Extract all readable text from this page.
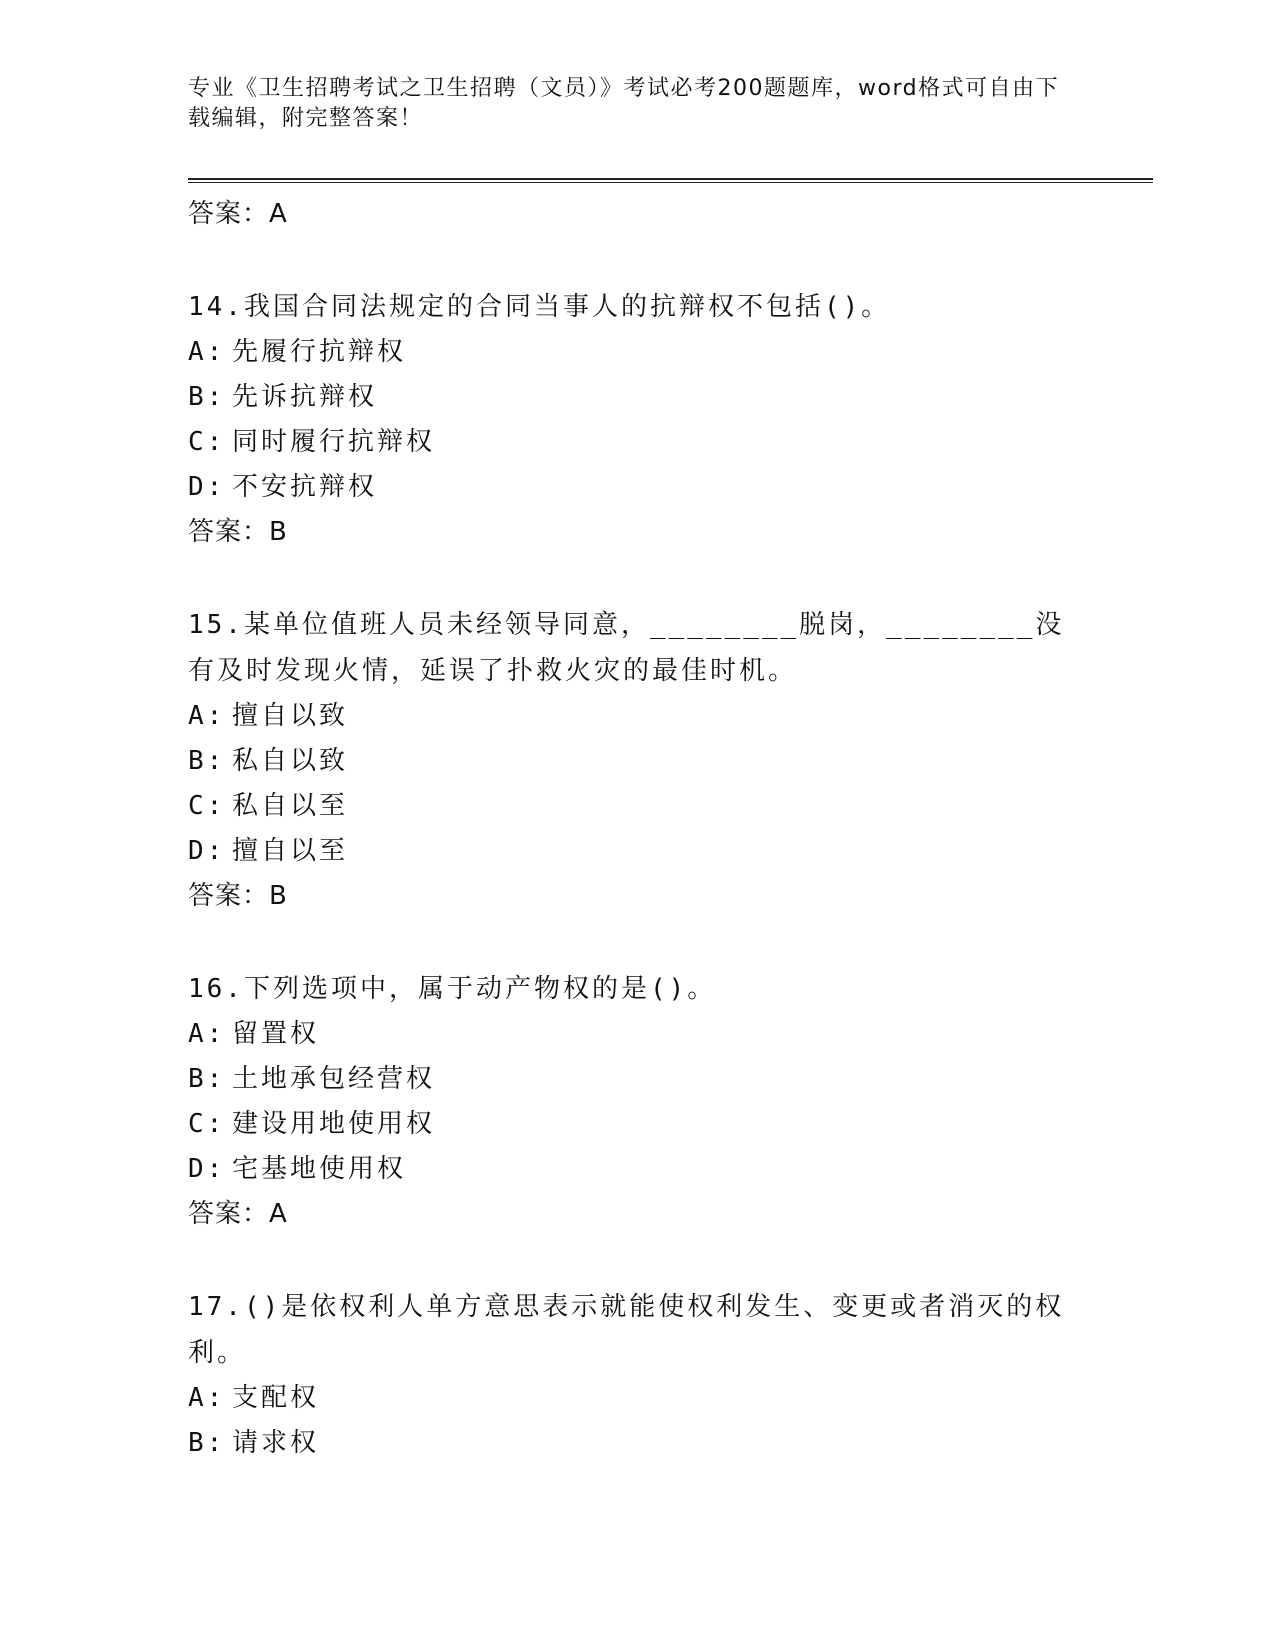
专业《卫生招聘考试之卫生招聘（文员）》考试必考200题题库，word格式可自由下载编辑，附完整答案！
答案：A

14.我国合同法规定的合同当事人的抗辩权不包括()。

A: 先履行抗辩权
B: 先诉抗辩权
C: 同时履行抗辩权
D: 不安抗辩权
答案：B

15.某单位值班人员未经领导同意，________脱岗，________没有及时发现火情，延误了扑救火灾的最佳时机。

A: 擅自以致
B: 私自以致
C: 私自以至
D: 擅自以至
答案：B

16.下列选项中，属于动产物权的是()。

A: 留置权
B: 土地承包经营权
C: 建设用地使用权
D: 宅基地使用权
答案：A

17.()是依权利人单方意思表示就能使权利发生、变更或者消灭的权利。

A: 支配权
B: 请求权
